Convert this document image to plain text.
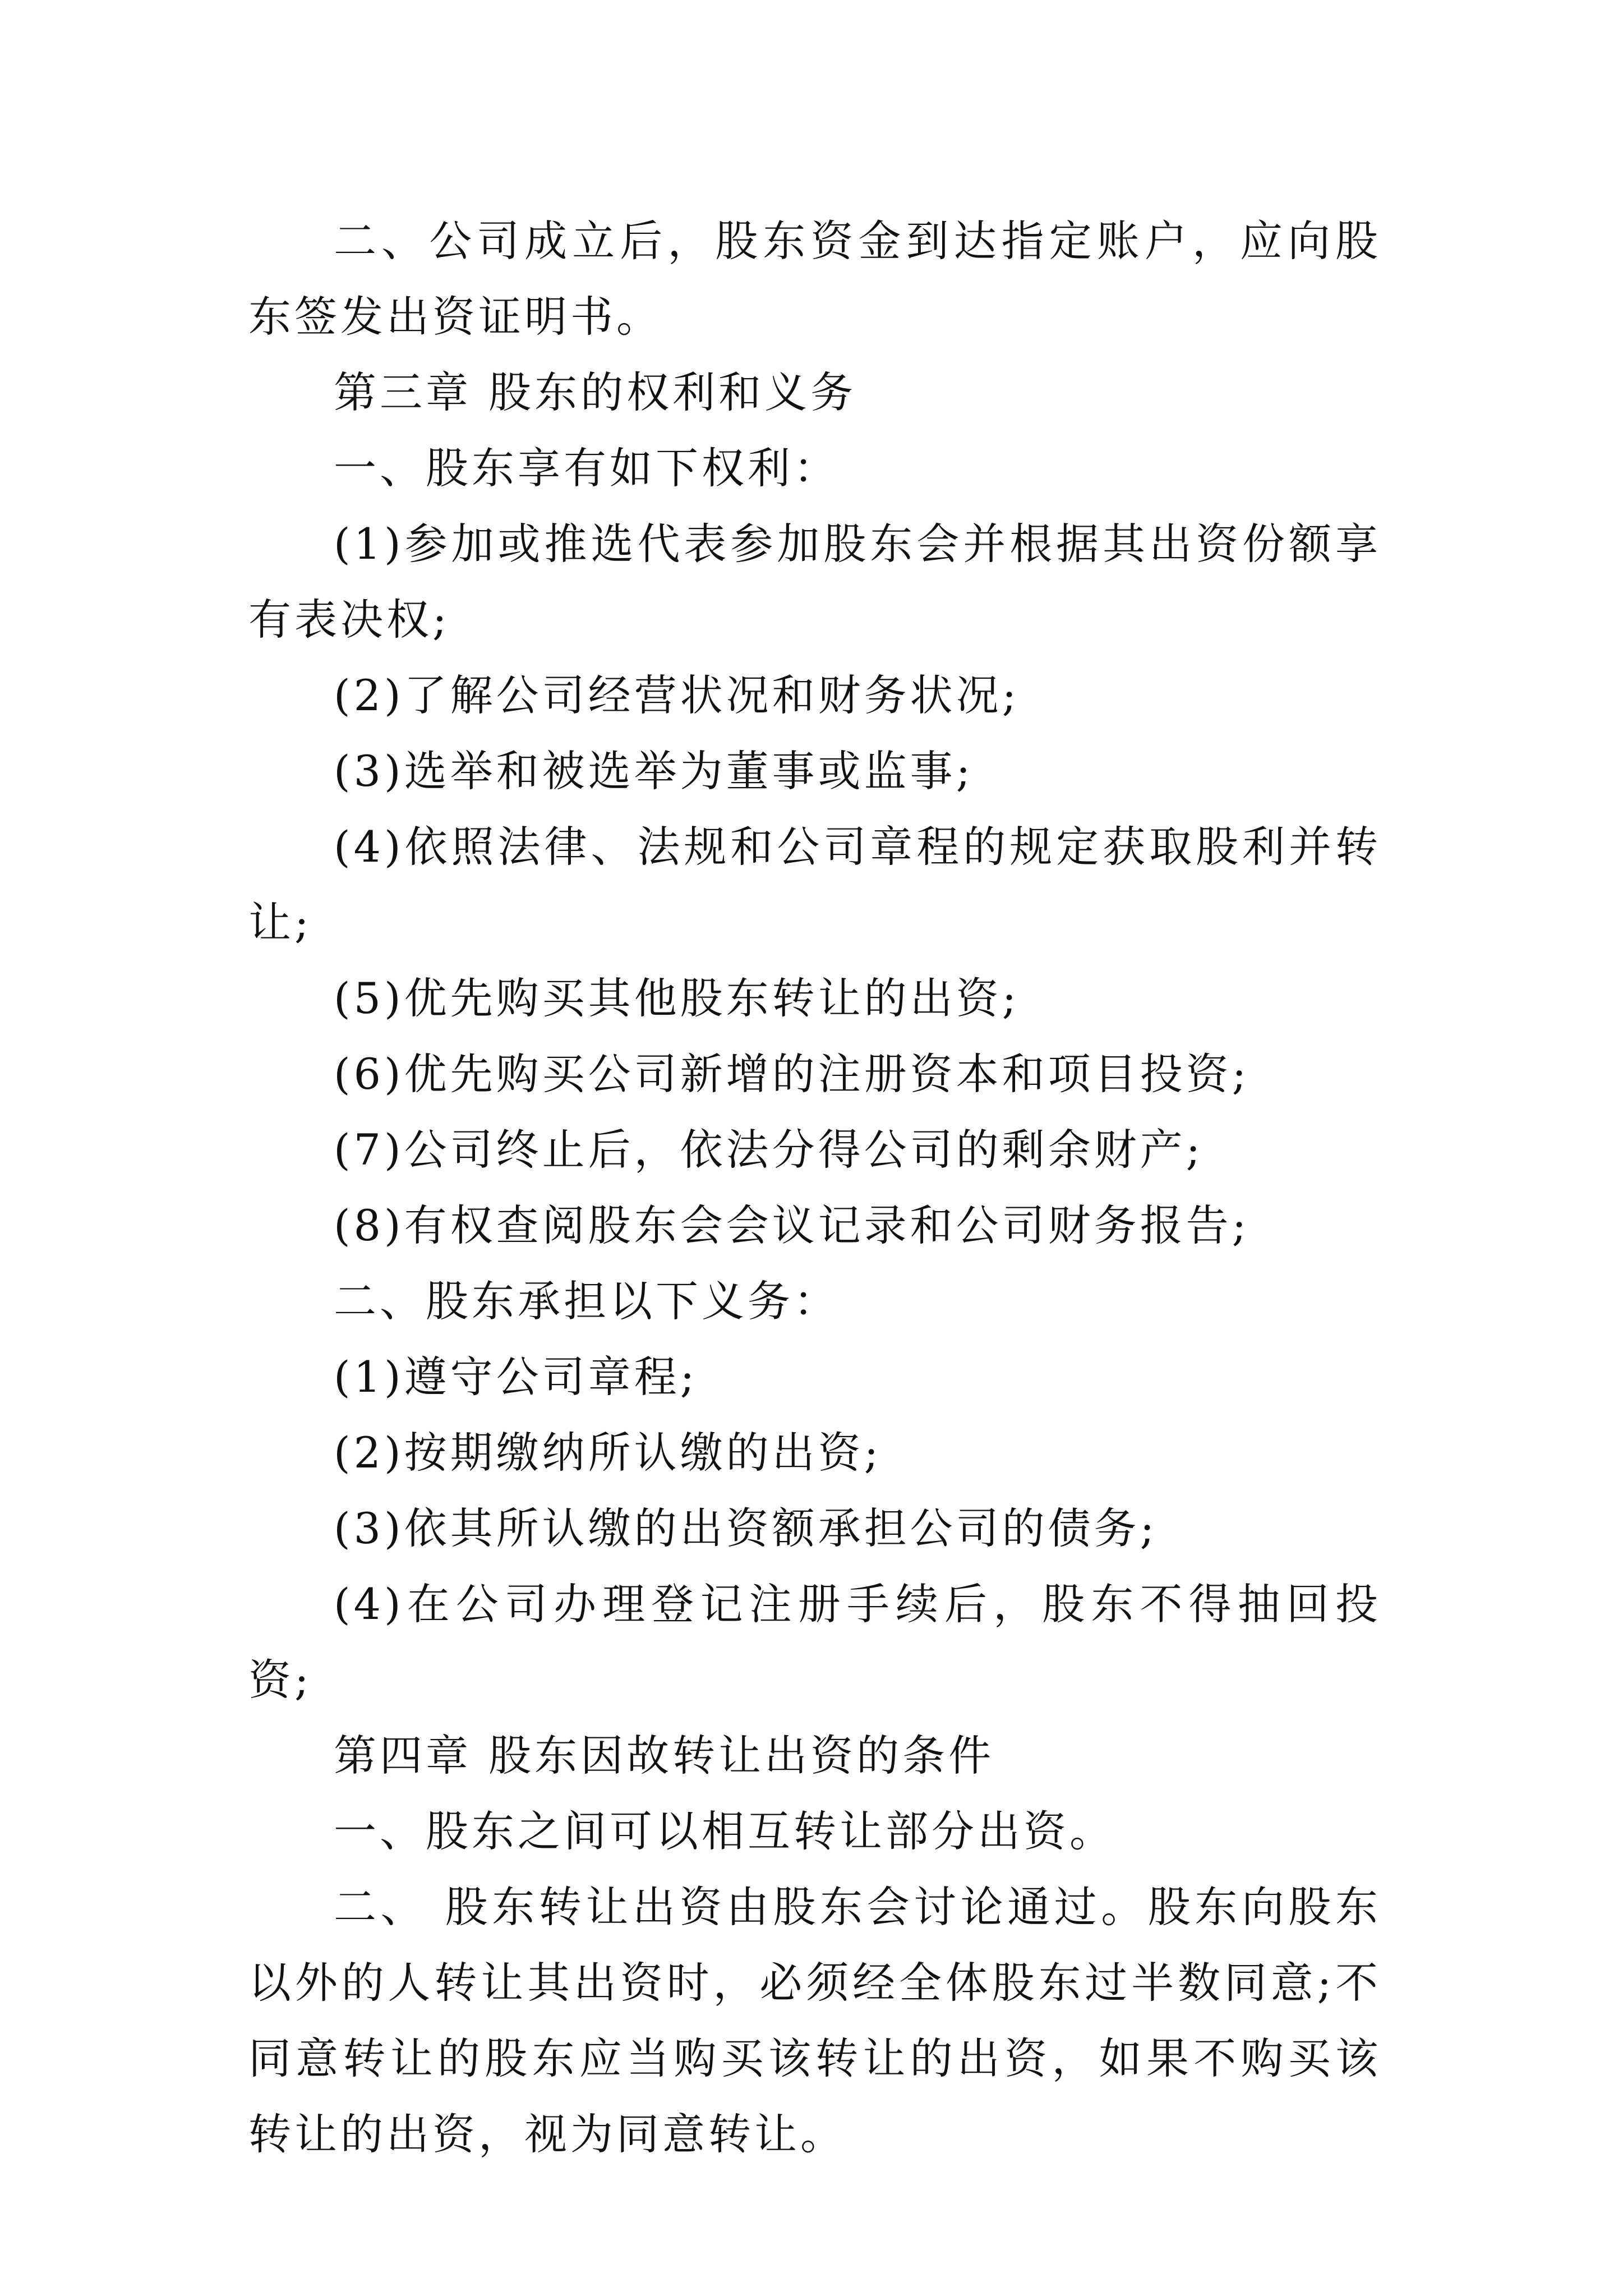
二、公司成立后，股东资金到达指定账户，应向股东签发出资证明书。

第三章 股东的权利和义务

一、股东享有如下权利：

(1)参加或推选代表参加股东会并根据其出资份额享有表决权;

(2)了解公司经营状况和财务状况;

(3)选举和被选举为董事或监事;

(4)依照法律、法规和公司章程的规定获取股利并转让;

(5)优先购买其他股东转让的出资;

(6)优先购买公司新增的注册资本和项目投资;

(7)公司终止后，依法分得公司的剩余财产;

(8)有权查阅股东会会议记录和公司财务报告;

二、股东承担以下义务：

(1)遵守公司章程;

(2)按期缴纳所认缴的出资;

(3)依其所认缴的出资额承担公司的债务;

(4)在公司办理登记注册手续后，股东不得抽回投资;

第四章 股东因故转让出资的条件

一、股东之间可以相互转让部分出资。

二、 股东转让出资由股东会讨论通过。股东向股东以外的人转让其出资时，必须经全体股东过半数同意;不同意转让的股东应当购买该转让的出资，如果不购买该转让的出资，视为同意转让。
